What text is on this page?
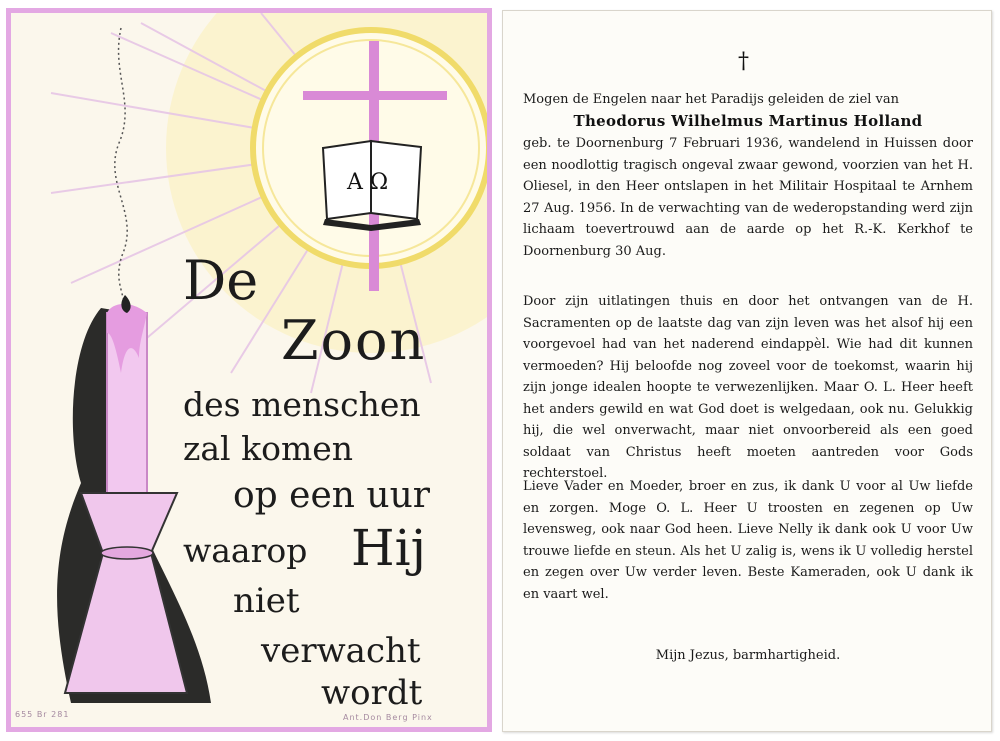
A Ω
De
Zoon
des menschen
zal komen
op een uur
waarop Hij
niet
verwacht
wordt
655 Br 281	Ant.Don Berg Pinx
†

Mogen de Engelen naar het Paradijs geleiden de ziel van

Theodorus Wilhelmus Martinus Holland

geb. te Doornenburg 7 Februari 1936, wandelend in Huissen door een noodlottig tragisch ongeval zwaar gewond, voorzien van het H. Oliesel, in den Heer ontslapen in het Militair Hospitaal te Arnhem 27 Aug. 1956. In de verwachting van de wederopstanding werd zijn lichaam toevertrouwd aan de aarde op het R.-K. Kerkhof te Doornenburg 30 Aug.

Door zijn uitlatingen thuis en door het ontvangen van de H. Sacramenten op de laatste dag van zijn leven was het alsof hij een voorgevoel had van het naderend eindappèl. Wie had dit kunnen vermoeden? Hij beloofde nog zoveel voor de toekomst, waarin hij zijn jonge idealen hoopte te verwezenlijken. Maar O. L. Heer heeft het anders gewild en wat God doet is welgedaan, ook nu. Gelukkig hij, die wel onverwacht, maar niet onvoorbereid als een goed soldaat van Christus heeft moeten aantreden voor Gods rechterstoel.

Lieve Vader en Moeder, broer en zus, ik dank U voor al Uw liefde en zorgen. Moge O. L. Heer U troosten en zegenen op Uw levensweg, ook naar God heen. Lieve Nelly ik dank ook U voor Uw trouwe liefde en steun. Als het U zalig is, wens ik U volledig herstel en zegen over Uw verder leven. Beste Kameraden, ook U dank ik en vaart wel.

Mijn Jezus, barmhartigheid.
